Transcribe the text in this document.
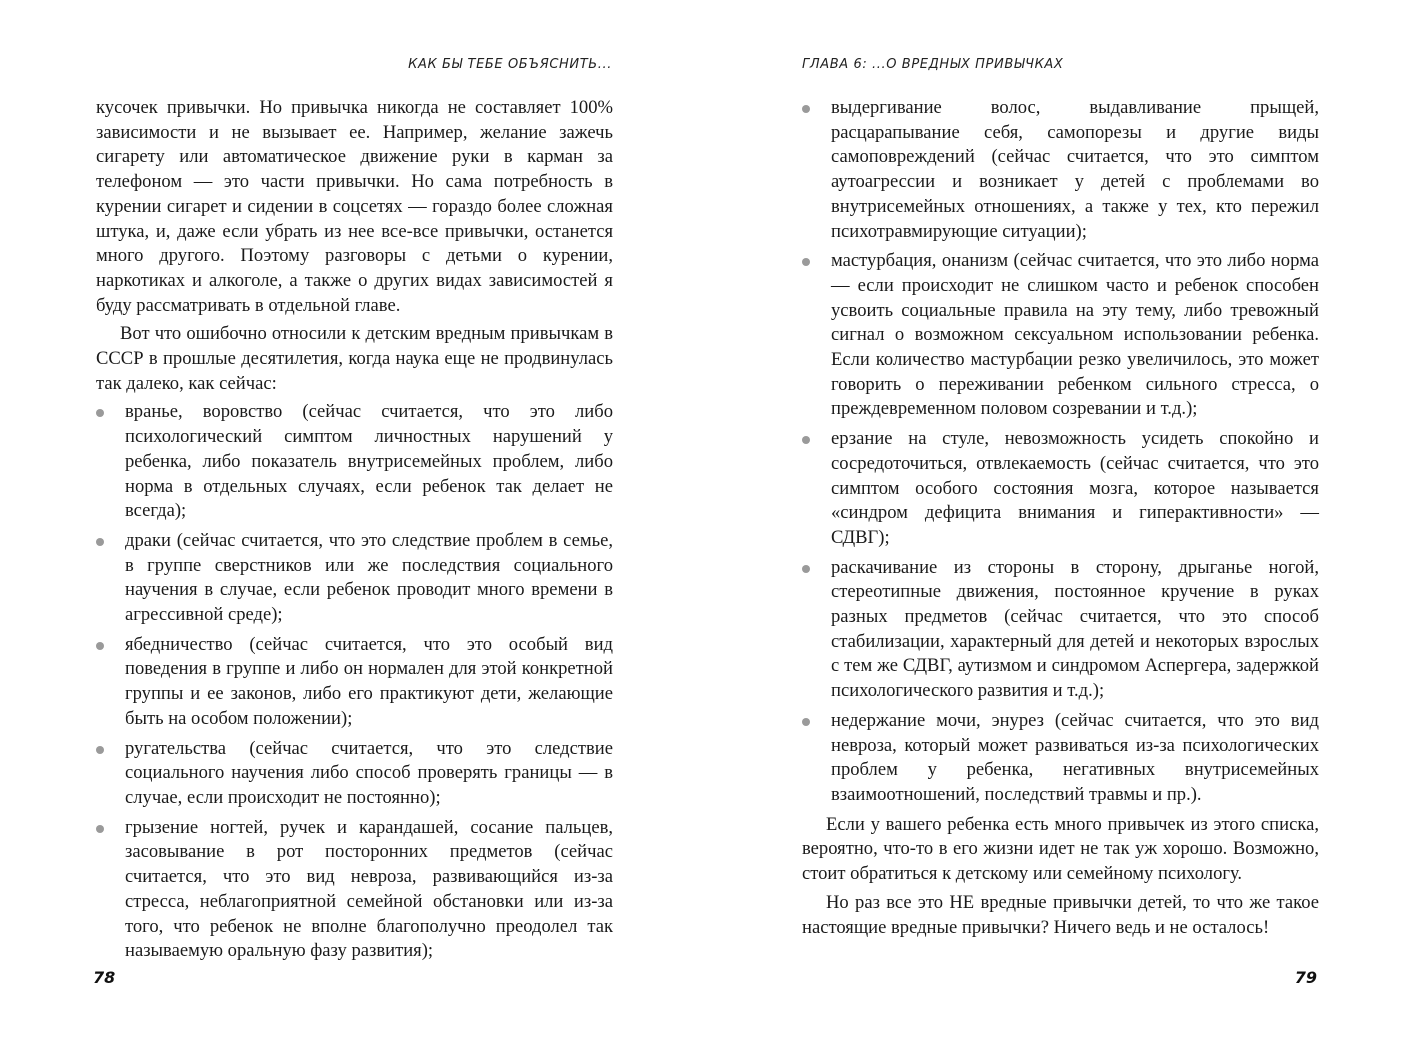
КАК БЫ ТЕБЕ ОБЪЯСНИТЬ...

кусочек привычки. Но привычка никогда не составляет 100% зависимости и не вызывает ее. Например, желание зажечь сигарету или автоматическое движение руки в карман за телефоном — это части привычки. Но сама потребность в курении сигарет и сидении в соцсетях — гораздо более сложная штука, и, даже если убрать из нее все-все привычки, останется много другого. Поэтому разговоры с детьми о курении, наркотиках и алкоголе, а также о других видах зависимостей я буду рассматривать в отдельной главе.

Вот что ошибочно относили к детским вредным привычкам в СССР в прошлые десятилетия, когда наука еще не продвинулась так далеко, как сейчас:

вранье, воровство (сейчас считается, что это либо психологический симптом личностных нарушений у ребенка, либо показатель внутрисемейных проблем, либо норма в отдельных случаях, если ребенок так делает не всегда);
драки (сейчас считается, что это следствие проблем в семье, в группе сверстников или же последствия социального научения в случае, если ребенок проводит много времени в агрессивной среде);
ябедничество (сейчас считается, что это особый вид поведения в группе и либо он нормален для этой конкретной группы и ее законов, либо его практикуют дети, желающие быть на особом положении);
ругательства (сейчас считается, что это следствие социального научения либо способ проверять границы — в случае, если происходит не постоянно);
грызение ногтей, ручек и карандашей, сосание пальцев, засовывание в рот посторонних предметов (сейчас считается, что это вид невроза, развивающийся из-за стресса, неблагоприятной семейной обстановки или из-за того, что ребенок не вполне благополучно преодолел так называемую оральную фазу развития);
78
ГЛАВА 6: ...О ВРЕДНЫХ ПРИВЫЧКАХ
выдергивание волос, выдавливание прыщей, расцарапывание себя, самопорезы и другие виды самоповреждений (сейчас считается, что это симптом аутоагрессии и возникает у детей с проблемами во внутрисемейных отношениях, а также у тех, кто пережил психотравмирующие ситуации);
мастурбация, онанизм (сейчас считается, что это либо норма — если происходит не слишком часто и ребенок способен усвоить социальные правила на эту тему, либо тревожный сигнал о возможном сексуальном использовании ребенка. Если количество мастурбации резко увеличилось, это может говорить о переживании ребенком сильного стресса, о преждевременном половом созревании и т.д.);
ерзание на стуле, невозможность усидеть спокойно и сосредоточиться, отвлекаемость (сейчас считается, что это симптом особого состояния мозга, которое называется «синдром дефицита внимания и гиперактивности» — СДВГ);
раскачивание из стороны в сторону, дрыганье ногой, стереотипные движения, постоянное кручение в руках разных предметов (сейчас считается, что это способ стабилизации, характерный для детей и некоторых взрослых с тем же СДВГ, аутизмом и синдромом Аспергера, задержкой психологического развития и т.д.);
недержание мочи, энурез (сейчас считается, что это вид невроза, который может развиваться из-за психологических проблем у ребенка, негативных внутрисемейных взаимоотношений, последствий травмы и пр.).

Если у вашего ребенка есть много привычек из этого списка, вероятно, что-то в его жизни идет не так уж хорошо. Возможно, стоит обратиться к детскому или семейному психологу.

Но раз все это НЕ вредные привычки детей, то что же такое настоящие вредные привычки? Ничего ведь и не осталось!

79
